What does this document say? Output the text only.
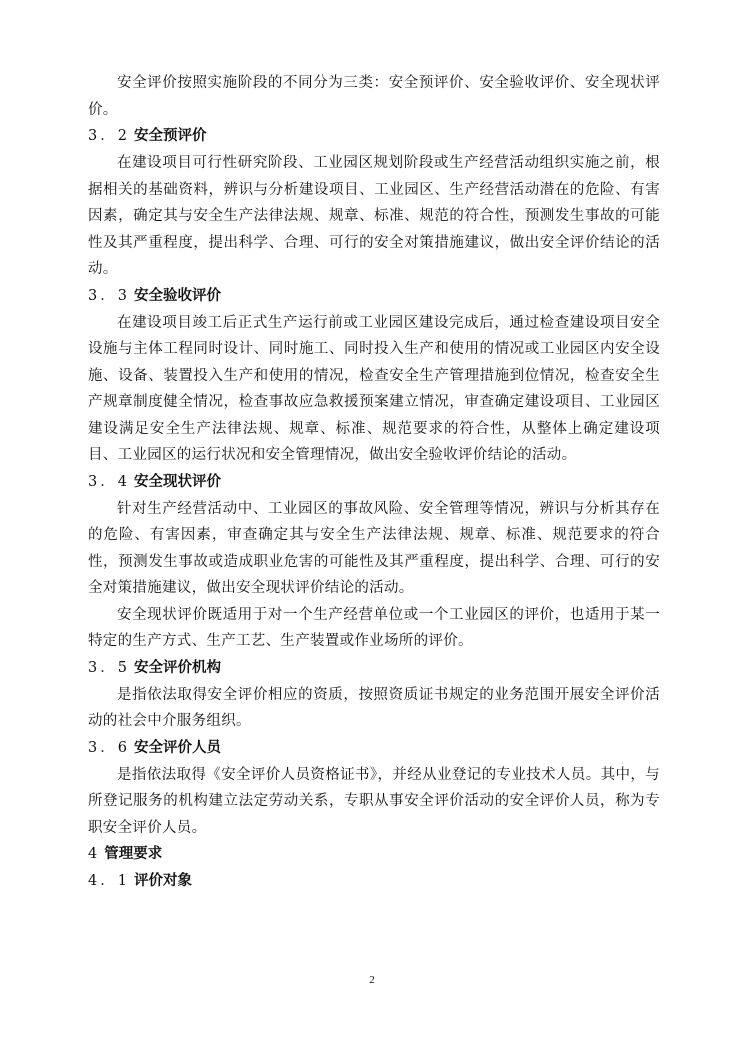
安全评价按照实施阶段的不同分为三类：安全预评价、安全验收评价、安全现状评价。

3．2 安全预评价

在建设项目可行性研究阶段、工业园区规划阶段或生产经营活动组织实施之前，根据相关的基础资料，辨识与分析建设项目、工业园区、生产经营活动潜在的危险、有害因素，确定其与安全生产法律法规、规章、标准、规范的符合性，预测发生事故的可能性及其严重程度，提出科学、合理、可行的安全对策措施建议，做出安全评价结论的活动。

3．3 安全验收评价

在建设项目竣工后正式生产运行前或工业园区建设完成后，通过检查建设项目安全设施与主体工程同时设计、同时施工、同时投入生产和使用的情况或工业园区内安全设施、设备、装置投入生产和使用的情况，检查安全生产管理措施到位情况，检查安全生产规章制度健全情况，检查事故应急救援预案建立情况，审查确定建设项目、工业园区建设满足安全生产法律法规、规章、标准、规范要求的符合性，从整体上确定建设项目、工业园区的运行状况和安全管理情况，做出安全验收评价结论的活动。

3．4 安全现状评价

针对生产经营活动中、工业园区的事故风险、安全管理等情况，辨识与分析其存在的危险、有害因素，审查确定其与安全生产法律法规、规章、标准、规范要求的符合性，预测发生事故或造成职业危害的可能性及其严重程度，提出科学、合理、可行的安全对策措施建议，做出安全现状评价结论的活动。

安全现状评价既适用于对一个生产经营单位或一个工业园区的评价，也适用于某一特定的生产方式、生产工艺、生产装置或作业场所的评价。

3．5 安全评价机构

是指依法取得安全评价相应的资质，按照资质证书规定的业务范围开展安全评价活动的社会中介服务组织。

3．6 安全评价人员

是指依法取得《安全评价人员资格证书》，并经从业登记的专业技术人员。其中，与所登记服务的机构建立法定劳动关系，专职从事安全评价活动的安全评价人员，称为专职安全评价人员。

4 管理要求
4．1 评价对象
2
